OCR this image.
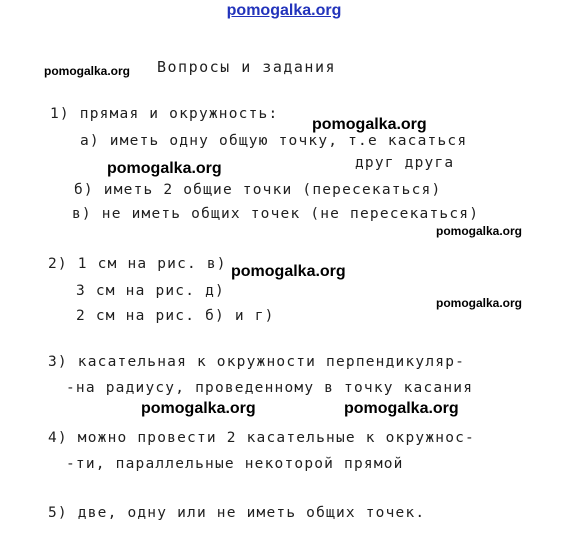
pomogalka.org
Вопросы и задания
pomogalka.org
1) прямая и окружность:
pomogalka.org
а) иметь одну общую точку, т.е касаться
pomogalka.org	друг друга
б) иметь 2 общие точки (пересекаться)
в) не иметь общих точек (не пересекаться)
pomogalka.org
2) 1 см на рис. в) pomogalka.org
3 см на рис. д)
pomogalka.org
2 см на рис. б) и г)
3) касательная к окружности перпендикуляр-
-на радиусу, проведенному в точку касания
pomogalka.org	pomogalka.org
4) можно провести 2 касательные к окружнос-
-ти, параллельные некоторой прямой
5) две, одну или не иметь общих точек.
